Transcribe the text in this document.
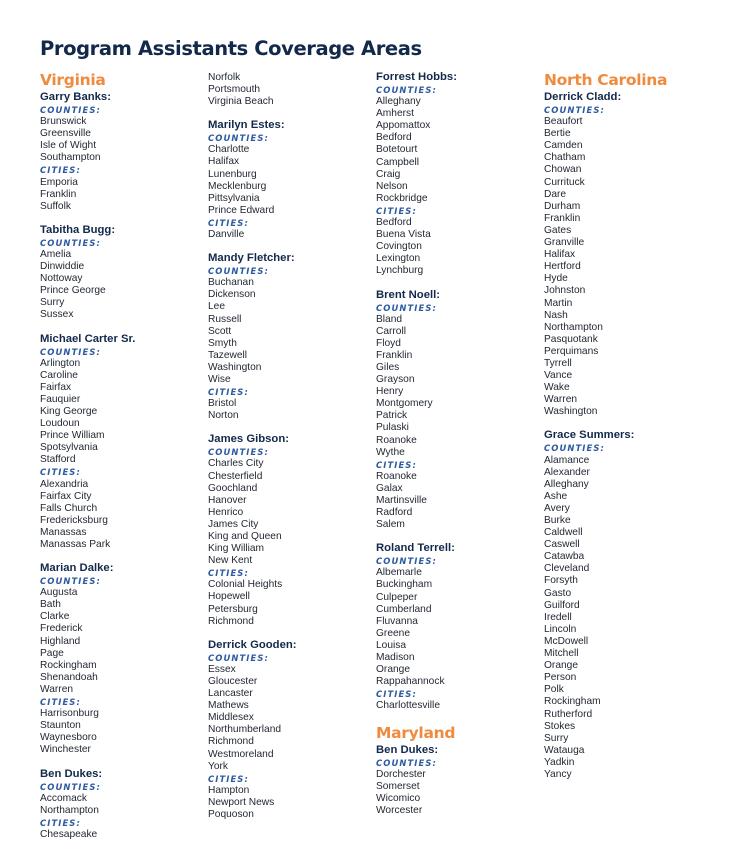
Program Assistants Coverage Areas
Virginia
Garry Banks:
COUNTIES:
Brunswick
Greensville
Isle of Wight
Southampton
CITIES:
Emporia
Franklin
Suffolk
Tabitha Bugg:
COUNTIES:
Amelia
Dinwiddie
Nottoway
Prince George
Surry
Sussex
Michael Carter Sr.
COUNTIES:
Arlington
Caroline
Fairfax
Fauquier
King George
Loudoun
Prince William
Spotsylvania
Stafford
CITIES:
Alexandria
Fairfax City
Falls Church
Fredericksburg
Manassas
Manassas Park
Marian Dalke:
COUNTIES:
Augusta
Bath
Clarke
Frederick
Highland
Page
Rockingham
Shenandoah
Warren
CITIES:
Harrisonburg
Staunton
Waynesboro
Winchester
Ben Dukes:
COUNTIES:
Accomack
Northampton
CITIES:
Chesapeake
Norfolk
Portsmouth
Virginia Beach
Marilyn Estes:
COUNTIES:
Charlotte
Halifax
Lunenburg
Mecklenburg
Pittsylvania
Prince Edward
CITIES:
Danville
Mandy Fletcher:
COUNTIES:
Buchanan
Dickenson
Lee
Russell
Scott
Smyth
Tazewell
Washington
Wise
CITIES:
Bristol
Norton
James Gibson:
COUNTIES:
Charles City
Chesterfield
Goochland
Hanover
Henrico
James City
King and Queen
King William
New Kent
CITIES:
Colonial Heights
Hopewell
Petersburg
Richmond
Derrick Gooden:
COUNTIES:
Essex
Gloucester
Lancaster
Mathews
Middlesex
Northumberland
Richmond
Westmoreland
York
CITIES:
Hampton
Newport News
Poquoson
Forrest Hobbs:
COUNTIES:
Alleghany
Amherst
Appomattox
Bedford
Botetourt
Campbell
Craig
Nelson
Rockbridge
CITIES:
Bedford
Buena Vista
Covington
Lexington
Lynchburg
Brent Noell:
COUNTIES:
Bland
Carroll
Floyd
Franklin
Giles
Grayson
Henry
Montgomery
Patrick
Pulaski
Roanoke
Wythe
CITIES:
Roanoke
Galax
Martinsville
Radford
Salem
Roland Terrell:
COUNTIES:
Albemarle
Buckingham
Culpeper
Cumberland
Fluvanna
Greene
Louisa
Madison
Orange
Rappahannock
CITIES:
Charlottesville
Maryland
Ben Dukes:
COUNTIES:
Dorchester
Somerset
Wicomico
Worcester
North Carolina
Derrick Cladd:
COUNTIES:
Beaufort
Bertie
Camden
Chatham
Chowan
Currituck
Dare
Durham
Franklin
Gates
Granville
Halifax
Hertford
Hyde
Johnston
Martin
Nash
Northampton
Pasquotank
Perquimans
Tyrrell
Vance
Wake
Warren
Washington
Grace Summers:
COUNTIES:
Alamance
Alexander
Alleghany
Ashe
Avery
Burke
Caldwell
Caswell
Catawba
Cleveland
Forsyth
Gasto
Guilford
Iredell
Lincoln
McDowell
Mitchell
Orange
Person
Polk
Rockingham
Rutherford
Stokes
Surry
Watauga
Yadkin
Yancy
